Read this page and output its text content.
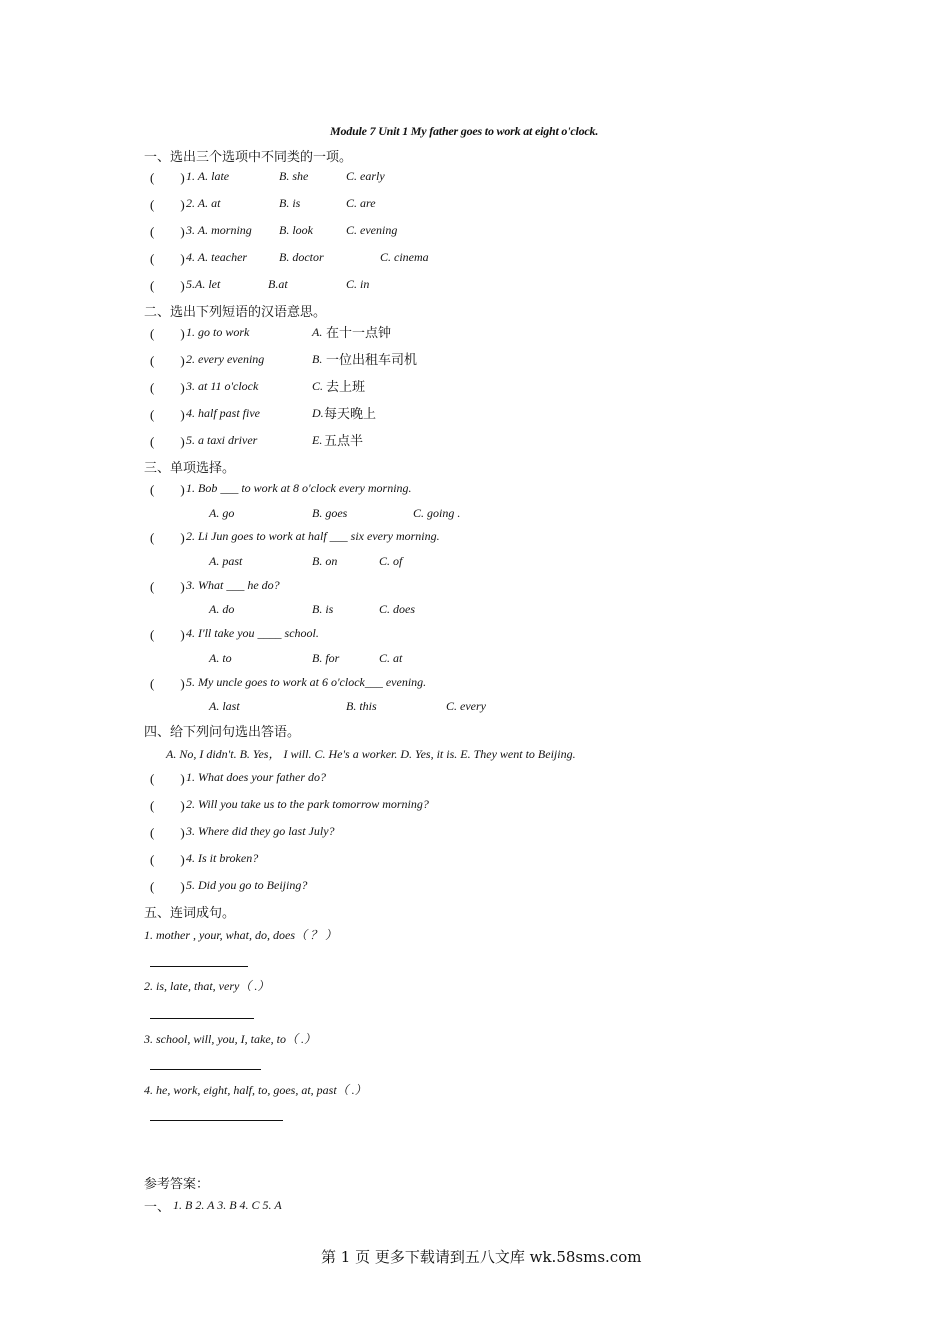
Module 7 Unit 1 My father goes to work at eight o'clock.
一、选出三个选项中不同类的一项。
(　　) 1. A. late	B. she	C. early
(　　) 2. A. at	B. is	C. are
(　　) 3. A. morning B. look	C. evening
(　　) 4. A. teacher	B. doctor	C. cinema
(　　) 5.A. let	B.at	C. in
二、选出下列短语的汉语意思。
(　　) 1. go to work	A. 在十一点钟
(　　) 2. every evening	B. 一位出租车司机
(　　) 3. at 11 o'clock	C. 去上班
(　　) 4. half past five	D. 每天晚上
(　　) 5. a taxi driver	E. 五点半
三、单项选择。
(　　) 1. Bob ___ to work at 8 o'clock every morning.
A. go	B. goes	C. going .
(　　) 2. Li Jun goes to work at half ___ six every morning.
A. past	B. on	C. of
(　　) 3. What ___ he do?
A. do	B. is	C. does
(　　) 4. I'll take you ____ school.
A. to	B. for	C. at
(　　) 5. My uncle goes to work at 6 o'clock___ evening.
A. last	B. this	C. every
四、给下列问句选出答语。
A. No, I didn't. B. Yes， I will. C. He's a worker. D. Yes, it is. E. They went to Beijing.
(　　) 1. What does your father do?
(　　) 2. Will you take us to the park tomorrow morning?
(　　) 3. Where did they go last July?
(　　) 4. Is it broken?
(　　) 5. Did you go to Beijing?
五、连词成句。
1. mother , your, what, do, does（ ？ ）
2. is, late, that, very（ .）
3. school, will, you, I, take, to（ .）
4. he, work, eight, half, to, goes, at, past（ .）
参考答案：
一、 1. B 2. A 3. B 4. C 5. A
第 1 页 更多下载请到五八文库 wk.58sms.com
